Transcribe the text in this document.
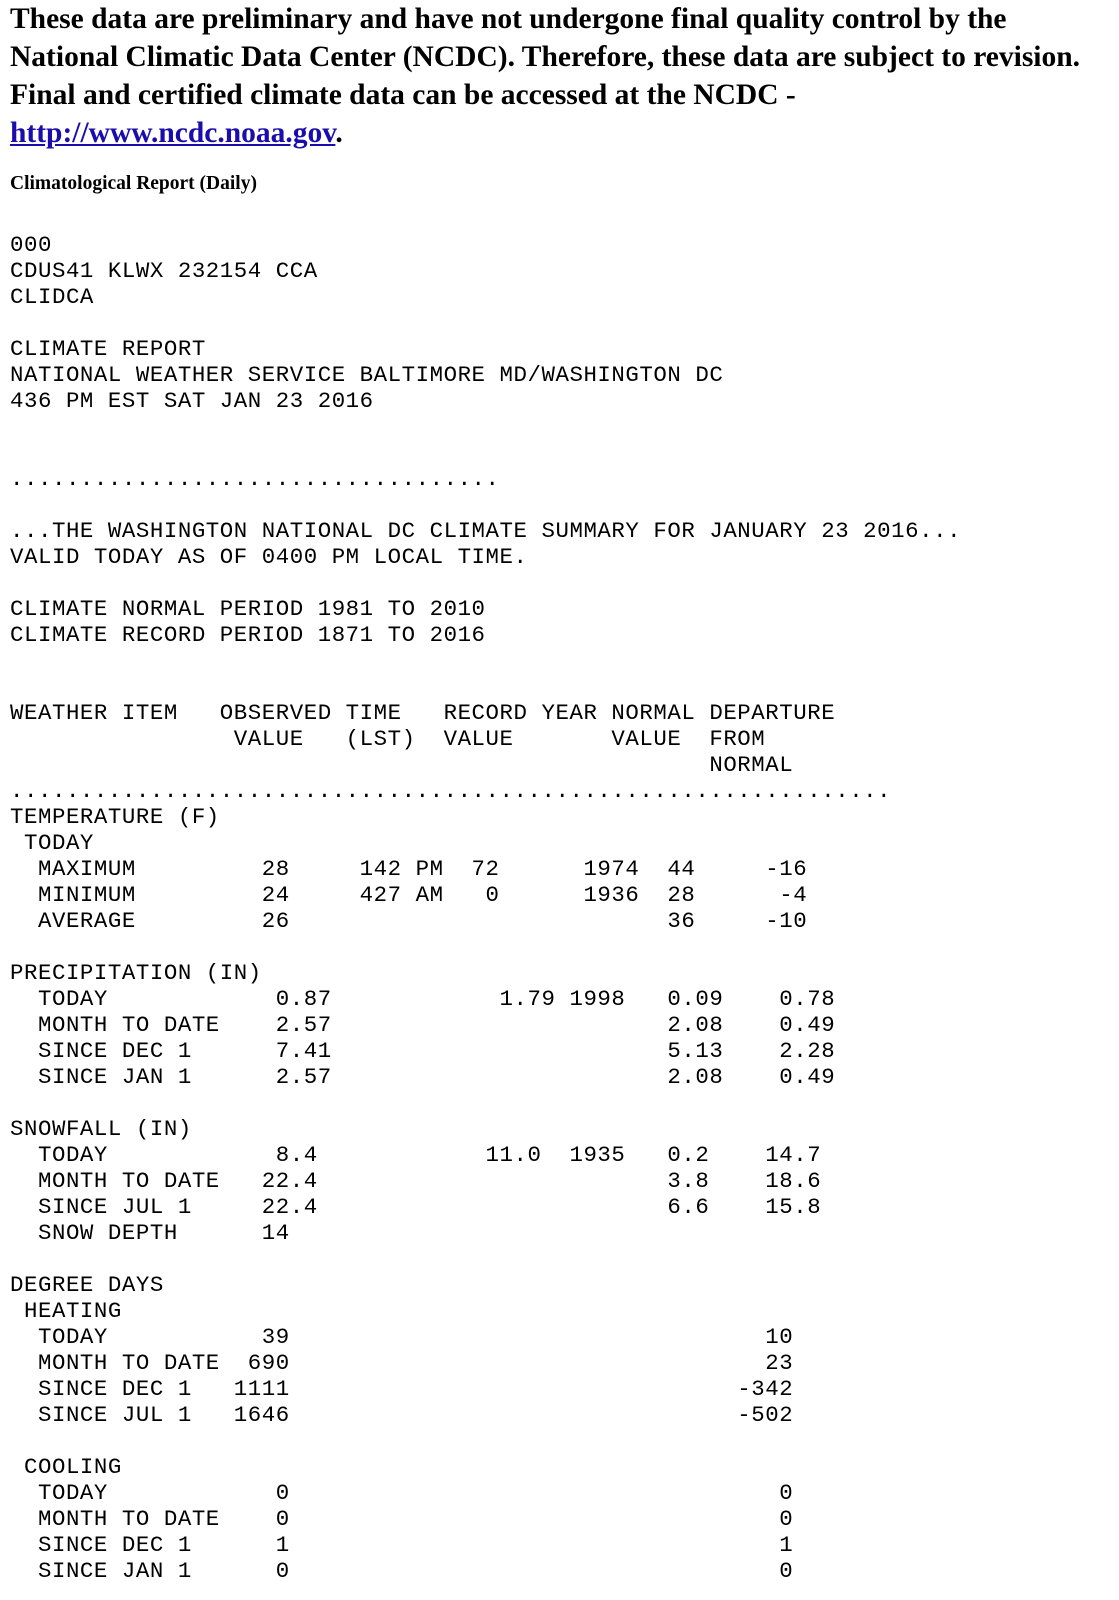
These data are preliminary and have not undergone final quality control by the National Climatic Data Center (NCDC). Therefore, these data are subject to revision. Final and certified climate data can be accessed at the NCDC - http://www.ncdc.noaa.gov.

Climatological Report (Daily)

000
CDUS41 KLWX 232154 CCA
CLIDCA
CLIMATE REPORT
NATIONAL WEATHER SERVICE BALTIMORE MD/WASHINGTON DC
436 PM EST SAT JAN 23 2016
...................................
...THE WASHINGTON NATIONAL DC CLIMATE SUMMARY FOR JANUARY 23 2016...
VALID TODAY AS OF 0400 PM LOCAL TIME.
CLIMATE NORMAL PERIOD 1981 TO 2010
CLIMATE RECORD PERIOD 1871 TO 2016
WEATHER ITEM   OBSERVED TIME   RECORD YEAR NORMAL DEPARTURE
VALUE   (LST)  VALUE       VALUE  FROM
NORMAL
...............................................................
TEMPERATURE (F)
TODAY
MAXIMUM         28     142 PM  72      1974  44     -16
MINIMUM         24     427 AM   0      1936  28      -4
AVERAGE         26                           36     -10
PRECIPITATION (IN)
TODAY            0.87            1.79 1998   0.09    0.78
MONTH TO DATE    2.57                        2.08    0.49
SINCE DEC 1      7.41                        5.13    2.28
SINCE JAN 1      2.57                        2.08    0.49
SNOWFALL (IN)
TODAY            8.4            11.0  1935   0.2    14.7
MONTH TO DATE   22.4                         3.8    18.6
SINCE JUL 1     22.4                         6.6    15.8
SNOW DEPTH      14
DEGREE DAYS
HEATING
TODAY           39                                  10
MONTH TO DATE  690                                  23
SINCE DEC 1   1111                                -342
SINCE JUL 1   1646                                -502
COOLING
TODAY            0                                   0
MONTH TO DATE    0                                   0
SINCE DEC 1      1                                   1
SINCE JAN 1      0                                   0
